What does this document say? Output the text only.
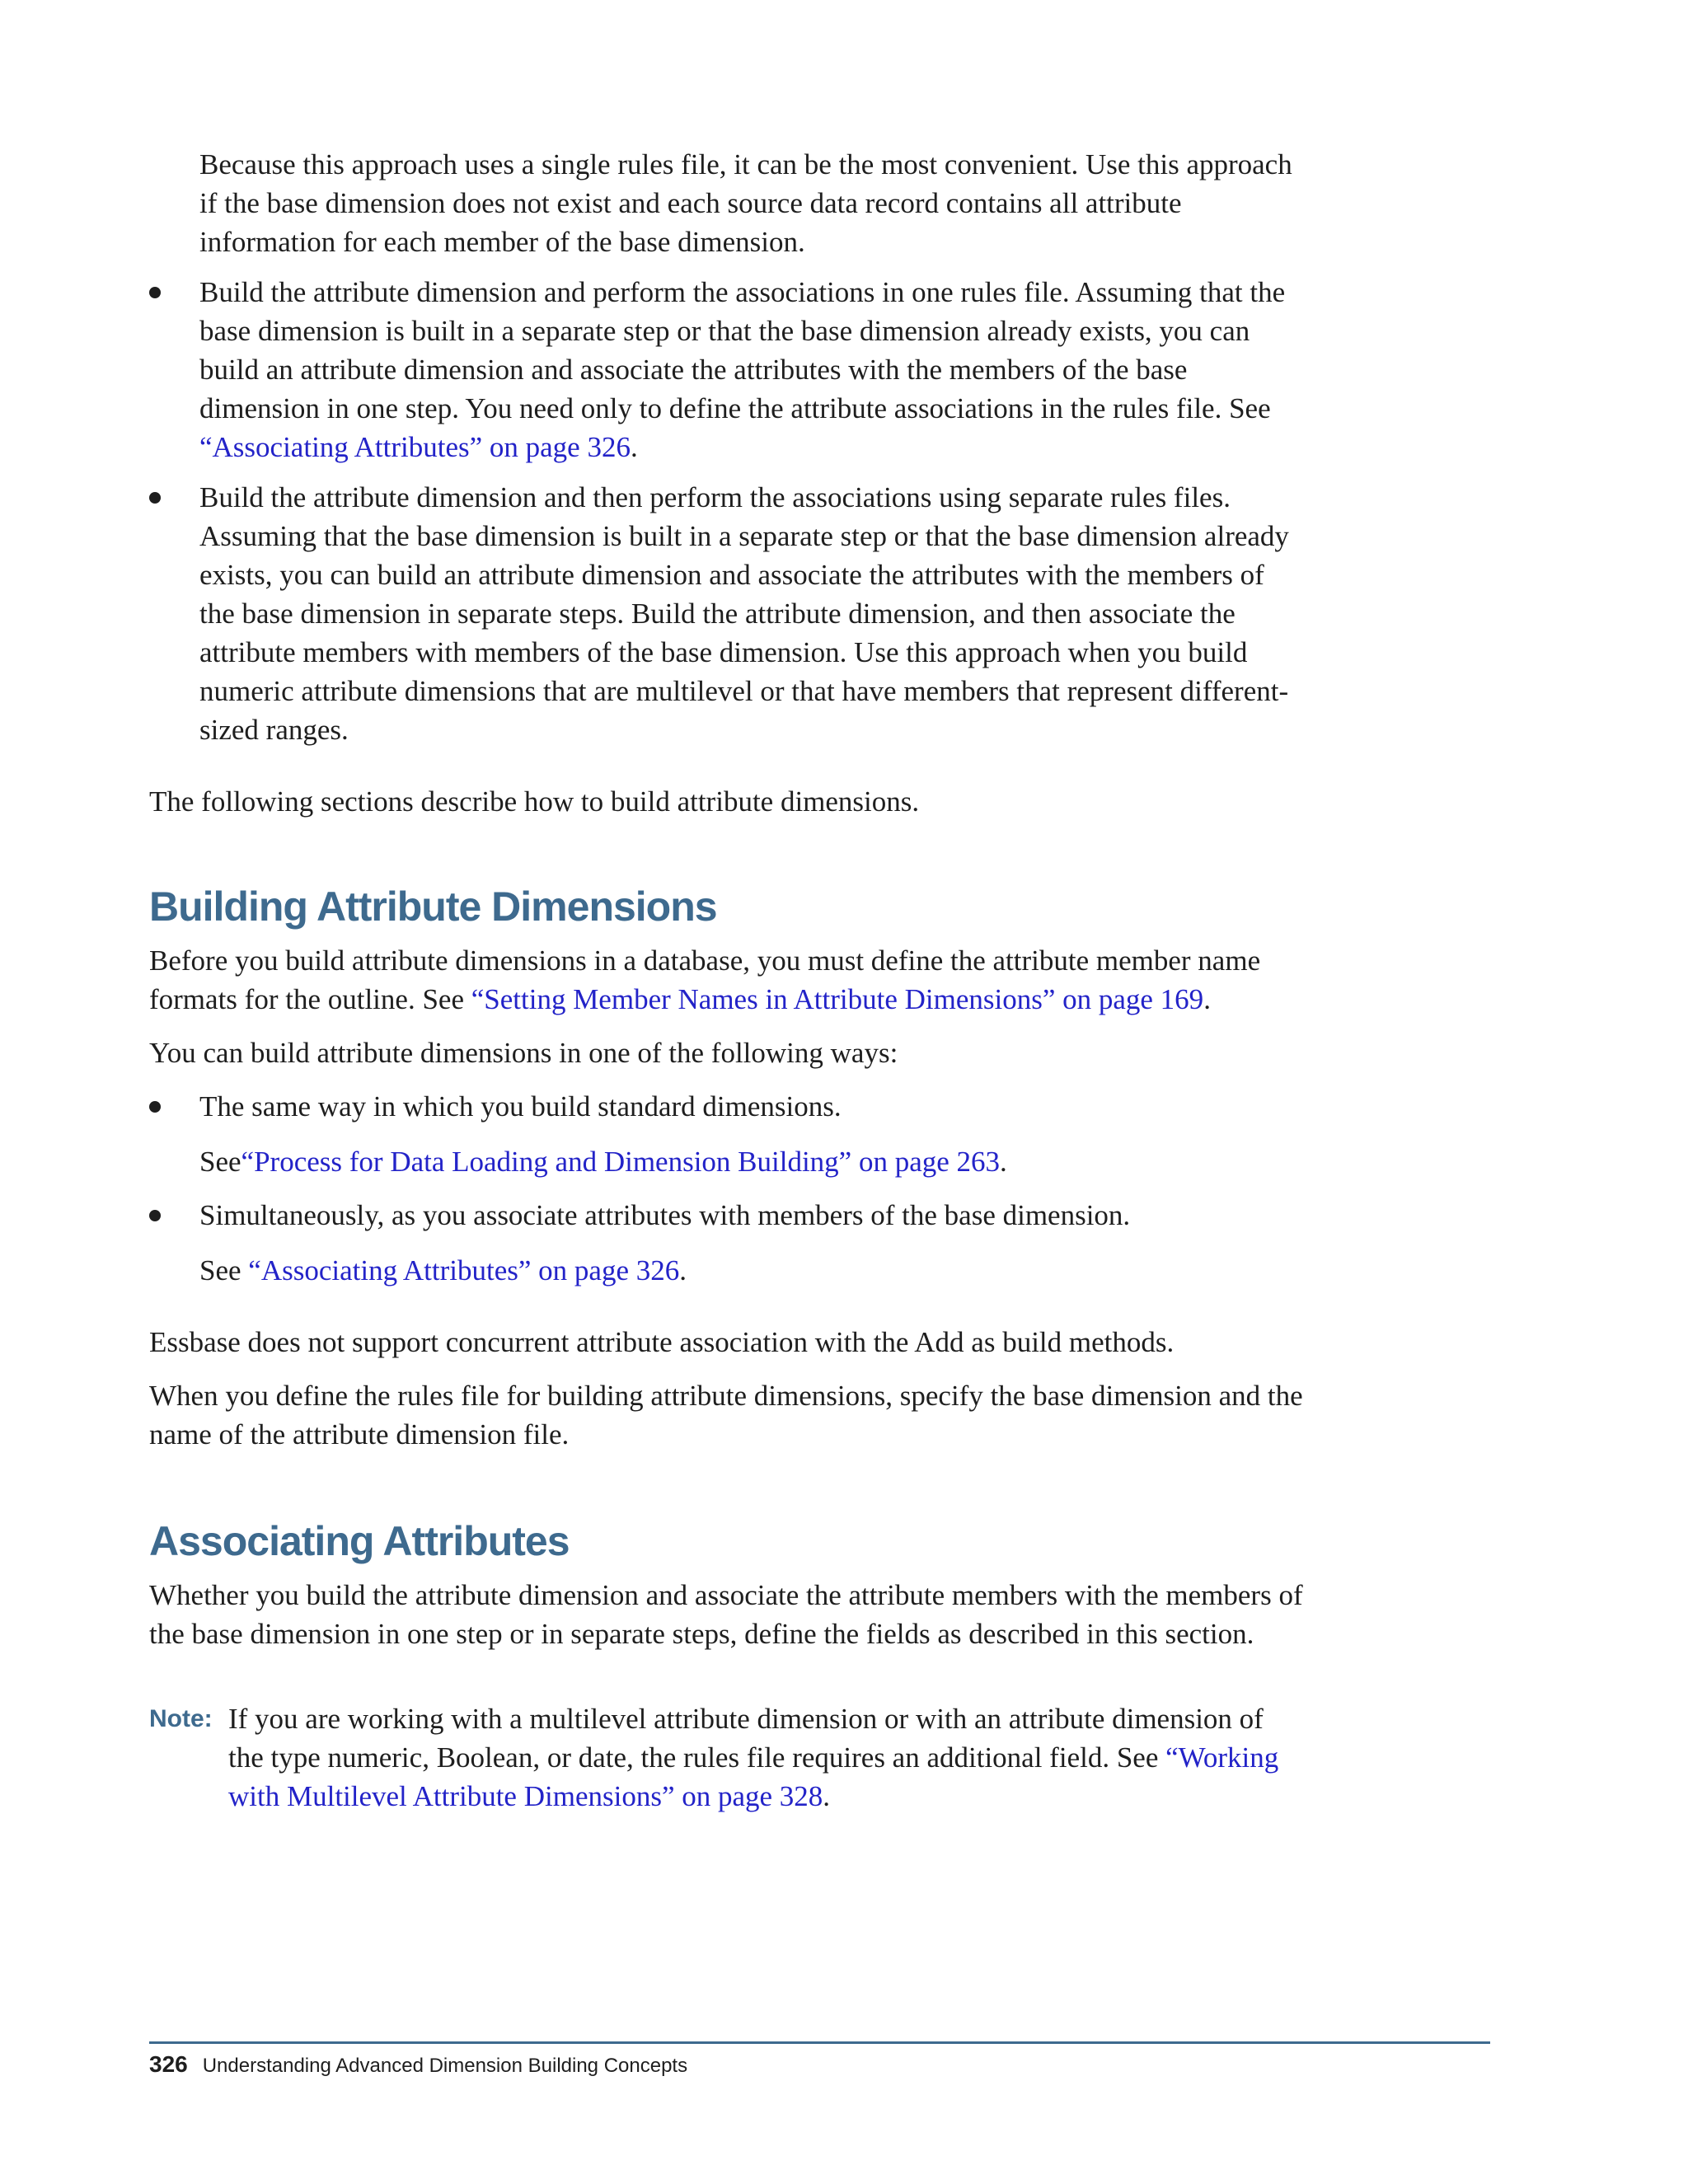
Because this approach uses a single rules file, it can be the most convenient. Use this approach if the base dimension does not exist and each source data record contains all attribute information for each member of the base dimension.

Build the attribute dimension and perform the associations in one rules file. Assuming that the base dimension is built in a separate step or that the base dimension already exists, you can build an attribute dimension and associate the attributes with the members of the base dimension in one step. You need only to define the attribute associations in the rules file. See “Associating Attributes” on page 326.

Build the attribute dimension and then perform the associations using separate rules files. Assuming that the base dimension is built in a separate step or that the base dimension already exists, you can build an attribute dimension and associate the attributes with the members of the base dimension in separate steps. Build the attribute dimension, and then associate the attribute members with members of the base dimension. Use this approach when you build numeric attribute dimensions that are multilevel or that have members that represent different-sized ranges.

The following sections describe how to build attribute dimensions.

Building Attribute Dimensions

Before you build attribute dimensions in a database, you must define the attribute member name formats for the outline. See “Setting Member Names in Attribute Dimensions” on page 169.

You can build attribute dimensions in one of the following ways:

The same way in which you build standard dimensions.

See“Process for Data Loading and Dimension Building” on page 263.

Simultaneously, as you associate attributes with members of the base dimension.

See “Associating Attributes” on page 326.

Essbase does not support concurrent attribute association with the Add as build methods.

When you define the rules file for building attribute dimensions, specify the base dimension and the name of the attribute dimension file.

Associating Attributes

Whether you build the attribute dimension and associate the attribute members with the members of the base dimension in one step or in separate steps, define the fields as described in this section.

Note: If you are working with a multilevel attribute dimension or with an attribute dimension of the type numeric, Boolean, or date, the rules file requires an additional field. See “Working with Multilevel Attribute Dimensions” on page 328.

326 Understanding Advanced Dimension Building Concepts
